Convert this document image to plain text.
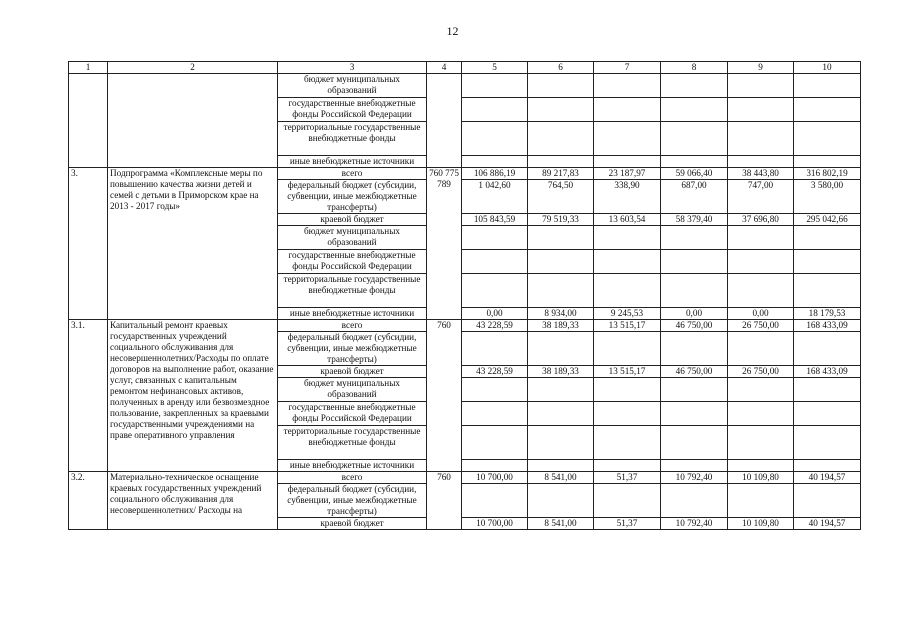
12
1	2	3	4	5	6	7	8	9	10
		бюджет муниципальных образований							
		государственные внебюджетные фонды Российской Федерации							
		территориальные государственные внебюджетные фонды							
		иные внебюджетные источники							
3.	Подпрограмма «Комплексные меры по повышению качества жизни детей и семей с детьми в Приморском крае на 2013 - 2017 годы»	всего	760 775 789	106 886,19	89 217,83	23 187,97	59 066,40	38 443,80	316 802,19
		федеральный бюджет (субсидии, субвенции, иные межбюджетные трансферты)		1 042,60	764,50	338,90	687,00	747,00	3 580,00
		краевой бюджет		105 843,59	79 519,33	13 603,54	58 379,40	37 696,80	295 042,66
		бюджет муниципальных образований							
		государственные внебюджетные фонды Российской Федерации							
		территориальные государственные внебюджетные фонды							
		иные внебюджетные источники		0,00	8 934,00	9 245,53	0,00	0,00	18 179,53
3.1.	Капитальный ремонт краевых государственных учреждений социального обслуживания для несовершеннолетних/Расходы по оплате договоров на выполнение работ, оказание услуг, связанных с капитальным ремонтом нефинансовых активов, полученных в аренду или безвозмездное пользование, закрепленных за краевыми государственными учреждениями на праве оперативного управления	всего	760	43 228,59	38 189,33	13 515,17	46 750,00	26 750,00	168 433,09
		федеральный бюджет (субсидии, субвенции, иные межбюджетные трансферты)							
		краевой бюджет		43 228,59	38 189,33	13 515,17	46 750,00	26 750,00	168 433,09
		бюджет муниципальных образований							
		государственные внебюджетные фонды Российской Федерации							
		территориальные государственные внебюджетные фонды							
		иные внебюджетные источники							
3.2.	Материально-техническое оснащение краевых государственных учреждений социального обслуживания для несовершеннолетних/ Расходы на	всего	760	10 700,00	8 541,00	51,37	10 792,40	10 109,80	40 194,57
		федеральный бюджет (субсидии, субвенции, иные межбюджетные трансферты)							
		краевой бюджет		10 700,00	8 541,00	51,37	10 792,40	10 109,80	40 194,57
